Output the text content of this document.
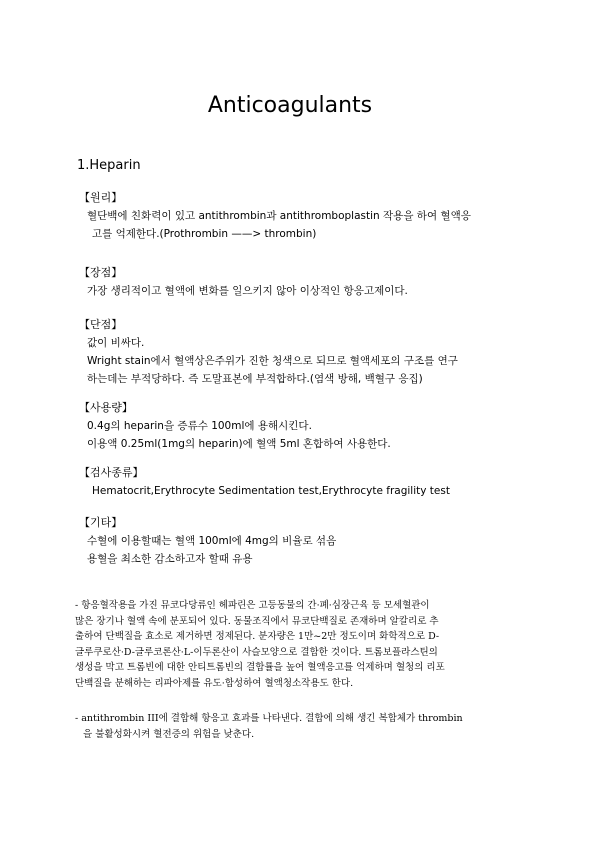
Anticoagulants
1.Heparin
【원리】
혈단백에 친화력이 있고 antithrombin과 antithromboplastin 작용을 하여 혈액응
고를 억제한다.(Prothrombin ——> thrombin)
【장점】
가장 생리적이고 혈액에 변화를 일으키지 않아 이상적인 항응고제이다.
【단점】
값이 비싸다.
Wright stain에서 혈액상은주위가 진한 청색으로 되므로 혈액세포의 구조를 연구
하는데는 부적당하다. 즉 도말표본에 부적합하다.(염색 방해, 백혈구 응집)
【사용량】
0.4g의 heparin을 증류수 100ml에 용해시킨다.
이용액 0.25ml(1mg의 heparin)에 혈액 5ml 혼합하여 사용한다.
【검사종류】
Hematocrit,Erythrocyte Sedimentation test,Erythrocyte fragility test
【기타】
수혈에 이용할때는 혈액 100ml에 4mg의 비율로 섞음
용혈을 최소한 감소하고자 할때 유용
- 항응혈작용을 가진 뮤코다당류인 헤파린은 고등동물의 간·폐·심장근육 등 모세혈관이
많은 장기나 혈액 속에 분포되어 있다. 동물조직에서 뮤코단백질로 존재하며 알칼리로 추
출하여 단백질을 효소로 제거하면 정제된다. 분자량은 1만~2만 정도이며 화학적으로 D-
글루쿠로산·D-글루코론산·L-이두론산이 사슬모양으로 결합한 것이다. 트롬보플라스틴의
생성을 막고 트롬빈에 대한 안티트롬빈의 결합률을 높여 혈액응고를 억제하며 혈청의 리포
단백질을 분해하는 리파아제를 유도·합성하여 혈액청소작용도 한다.
- antithrombin III에 결합해 항응고 효과를 나타낸다. 결합에 의해 생긴 복합체가 thrombin
을 불활성화시켜 혈전증의 위험을 낮춘다.
